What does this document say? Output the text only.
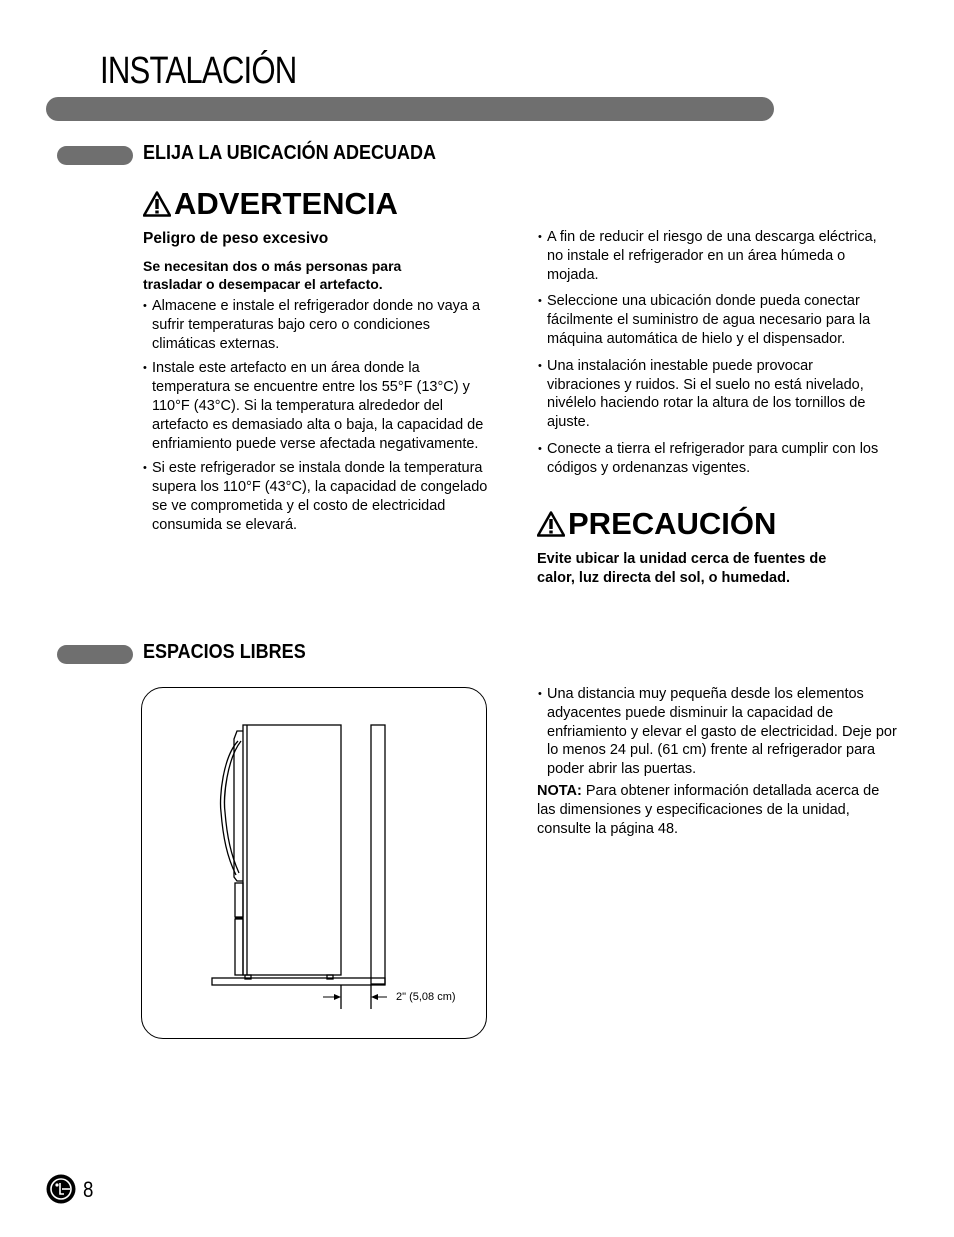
INSTALACIÓN
ELIJA LA UBICACIÓN ADECUADA
ADVERTENCIA
Peligro de peso excesivo
Se necesitan dos o más personas para trasladar o desempacar el artefacto.
• Almacene e instale el refrigerador donde no vaya a sufrir temperaturas bajo cero o condiciones climáticas externas.
• Instale este artefacto en un área donde la temperatura se encuentre entre los 55°F (13°C) y 110°F (43°C). Si la temperatura alrededor del artefacto es demasiado alta o baja, la capacidad de enfriamiento puede verse afectada negativamente.
• Si este refrigerador se instala donde la temperatura supera los 110°F (43°C), la capacidad de congelado se ve comprometida y el costo de electricidad consumida se elevará.
• A fin de reducir el riesgo de una descarga eléctrica, no instale el refrigerador en un área húmeda o mojada.
• Seleccione una ubicación donde pueda conectar fácilmente el suministro de agua necesario para la máquina automática de hielo y el dispensador.
• Una instalación inestable puede provocar vibraciones y ruidos. Si el suelo no está nivelado, nivélelo haciendo rotar la altura de los tornillos de ajuste.
• Conecte a tierra el refrigerador para cumplir con los códigos y ordenanzas vigentes.
PRECAUCIÓN
Evite ubicar la unidad cerca de fuentes de calor, luz directa del sol, o humedad.
ESPACIOS LIBRES
2" (5,08 cm)
• Una distancia muy pequeña desde los elementos adyacentes puede disminuir la capacidad de enfriamiento y elevar el gasto de electricidad. Deje por lo menos 24 pul. (61 cm) frente al refrigerador para poder abrir las puertas.
NOTA: Para obtener información detallada acerca de las dimensiones y especificaciones de la unidad, consulte la página 48.
8
